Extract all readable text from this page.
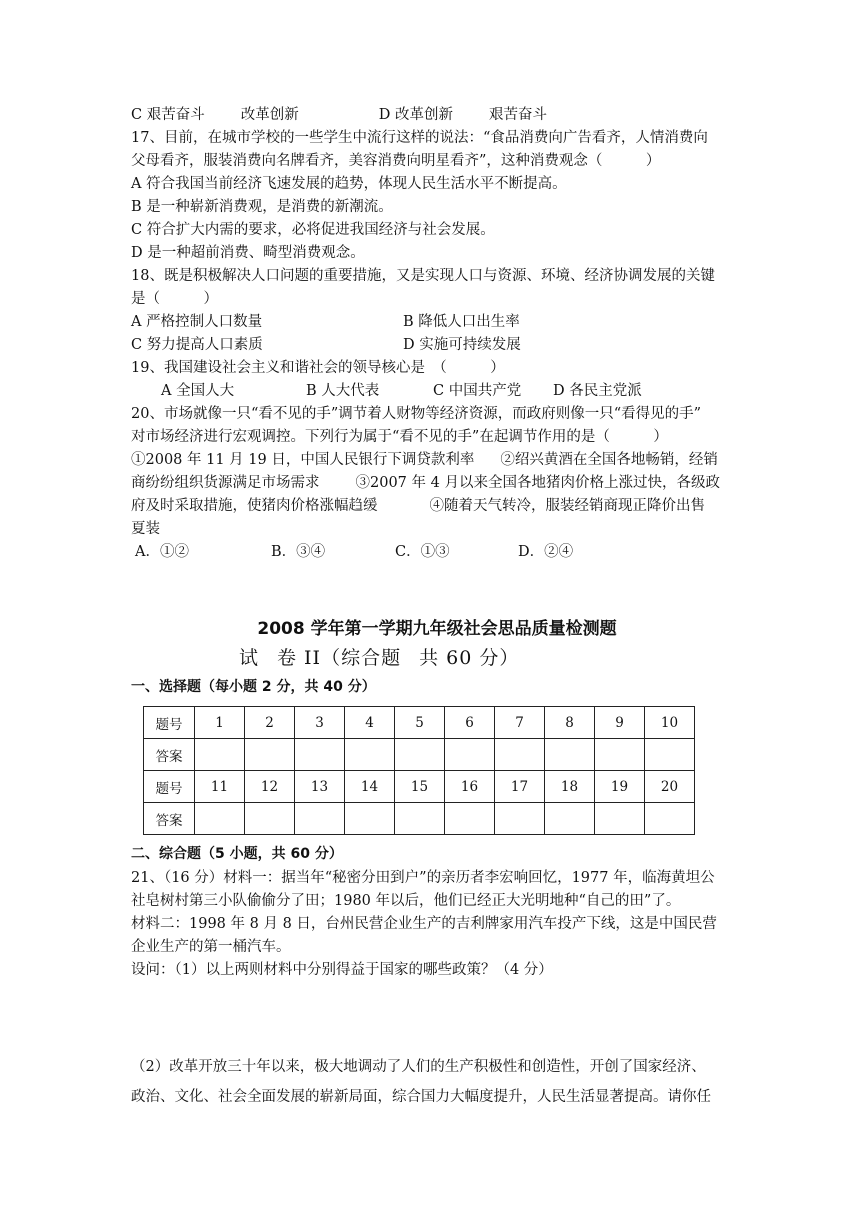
C 艰苦奋斗 改革创新	D 改革创新 艰苦奋斗
17、目前，在城市学校的一些学生中流行这样的说法：“食品消费向广告看齐，人情消费向
父母看齐，服装消费向名牌看齐，美容消费向明星看齐”，这种消费观念（　　　）
A 符合我国当前经济飞速发展的趋势，体现人民生活水平不断提高。
B 是一种崭新消费观，是消费的新潮流。
C 符合扩大内需的要求，必将促进我国经济与社会发展。
D 是一种超前消费、畸型消费观念。
18、既是积极解决人口问题的重要措施，又是实现人口与资源、环境、经济协调发展的关键
是（　　　）
A 严格控制人口数量	B 降低人口出生率
C 努力提高人口素质	D 实施可持续发展
19、我国建设社会主义和谐社会的领导核心是　（　　　）
A 全国人大	B 人大代表	C 中国共产党 D 各民主党派
20、市场就像一只“看不见的手”调节着人财物等经济资源，而政府则像一只“看得见的手”
对市场经济进行宏观调控。下列行为属于“看不见的手”在起调节作用的是（　　　）
①2008 年 11 月 19 日，中国人民银行下调贷款利率 ②绍兴黄酒在全国各地畅销，经销
商纷纷组织货源满足市场需求 ③2007 年 4 月以来全国各地猪肉价格上涨过快，各级政
府及时采取措施，使猪肉价格涨幅趋缓	④随着天气转冷，服装经销商现正降价出售
夏装
A．①②	B．③④	C．①③	D．②④
2008 学年第一学期九年级社会思品质量检测题
试 卷 II（综合题 共 60 分）
一、选择题（每小题 2 分，共 40 分）
题号	1	2	3	4	5	6	7	8	9	10
答案										
题号	11	12	13	14	15	16	17	18	19	20
答案										
二、综合题（5 小题，共 60 分）
21、（16 分）材料一：据当年“秘密分田到户”的亲历者李宏响回忆，1977 年，临海黄坦公
社皂树村第三小队偷偷分了田；1980 年以后，他们已经正大光明地种“自己的田”了。
材料二：1998 年 8 月 8 日，台州民营企业生产的吉利牌家用汽车投产下线，这是中国民营
企业生产的第一桶汽车。
设问：（1）以上两则材料中分别得益于国家的哪些政策？（4 分）
（2）改革开放三十年以来，极大地调动了人们的生产积极性和创造性，开创了国家经济、
政治、文化、社会全面发展的崭新局面，综合国力大幅度提升，人民生活显著提高。请你任
